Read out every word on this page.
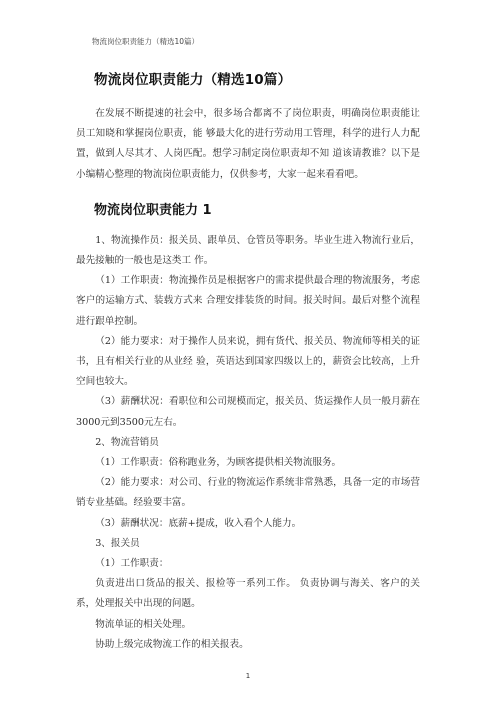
物流岗位职责能力（精选10篇）
物流岗位职责能力（精选10篇）

在发展不断提速的社会中，很多场合都离不了岗位职责，明确岗位职责能让员工知晓和掌握岗位职责，能 够最大化的进行劳动用工管理，科学的进行人力配置，做到人尽其才、人岗匹配。想学习制定岗位职责却不知 道该请教谁？以下是小编精心整理的物流岗位职责能力，仅供参考，大家一起来看看吧。

物流岗位职责能力 1

1、物流操作员：报关员、跟单员、仓管员等职务。毕业生进入物流行业后，最先接触的一般也是这类工 作。

（1）工作职责：物流操作员是根据客户的需求提供最合理的物流服务，考虑客户的运输方式、装载方式来 合理安排装货的时间。报关时间。最后对整个流程进行跟单控制。

（2）能力要求：对于操作人员来说，拥有货代、报关员、物流师等相关的证书，且有相关行业的从业经 验，英语达到国家四级以上的，薪资会比较高，上升空间也较大。

（3）薪酬状况：看职位和公司规模而定，报关员、货运操作人员一般月薪在3000元到3500元左右。

2、物流营销员

（1）工作职责：俗称跑业务，为顾客提供相关物流服务。

（2）能力要求：对公司、行业的物流运作系统非常熟悉，具备一定的市场营销专业基础。经验要丰富。

（3）薪酬状况：底薪+提成，收入看个人能力。

3、报关员

（1）工作职责：

负责进出口货品的报关、报检等一系列工作。 负责协调与海关、客户的关系，处理报关中出现的问题。

物流单证的相关处理。

协助上级完成物流工作的相关报表。

1
